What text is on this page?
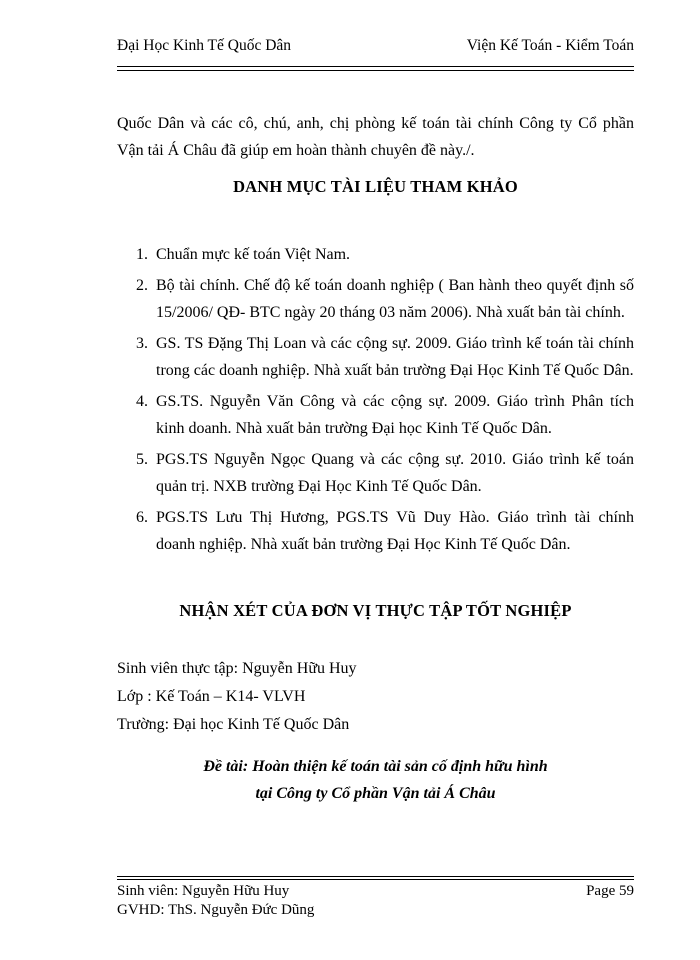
Đại Học Kinh Tế Quốc Dân	Viện Kế Toán - Kiểm Toán
Quốc Dân và các cô, chú, anh, chị phòng kế toán tài chính Công ty Cổ phần
Vận tải Á Châu đã giúp em hoàn thành chuyên đề này./.
DANH MỤC TÀI LIỆU THAM KHẢO
1. Chuẩn mực kế toán Việt Nam.
2. Bộ tài chính. Chế độ kế toán doanh nghiệp ( Ban hành theo quyết định số 15/2006/ QĐ- BTC ngày 20 tháng 03 năm 2006). Nhà xuất bản tài chính.
3. GS. TS Đặng Thị Loan và các cộng sự. 2009. Giáo trình kế toán tài chính trong các doanh nghiệp. Nhà xuất bản trường Đại Học Kinh Tế Quốc Dân.
4. GS.TS. Nguyễn Văn Công và các cộng sự. 2009. Giáo trình Phân tích kinh doanh. Nhà xuất bản trường Đại học Kinh Tế Quốc Dân.
5. PGS.TS Nguyễn Ngọc Quang và các cộng sự. 2010. Giáo trình kế toán quản trị. NXB trường Đại Học Kinh Tế Quốc Dân.
6. PGS.TS Lưu Thị Hương, PGS.TS Vũ Duy Hào. Giáo trình tài chính doanh nghiệp. Nhà xuất bản trường Đại Học Kinh Tế Quốc Dân.
NHẬN XÉT CỦA ĐƠN VỊ THỰC TẬP TỐT NGHIỆP
Sinh viên thực tập: Nguyễn Hữu Huy
Lớp : Kế Toán – K14- VLVH
Trường: Đại học Kinh Tế Quốc Dân
Đề tài: Hoàn thiện kế toán tài sản cố định hữu hình
tại Công ty Cổ phần Vận tải Á Châu
Sinh viên: Nguyễn Hữu Huy	Page 59
GVHD: ThS. Nguyễn Đức Dũng
